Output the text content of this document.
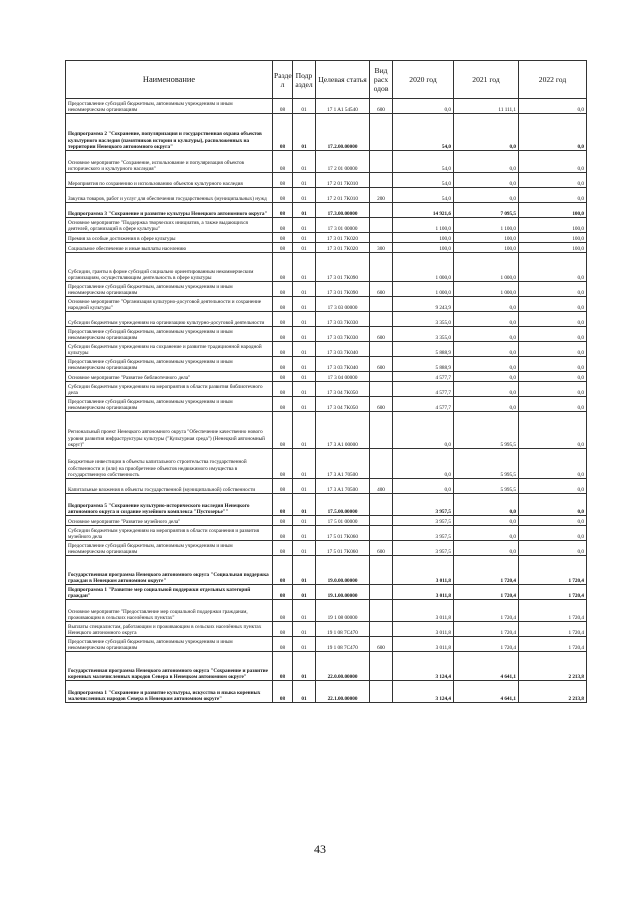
Наименование	Разде л	Подр аздел	Целевая статья	Вид расх одов	2020 год	2021 год	2022 год
Предоставление субсидий бюджетным, автономным учреждениям и иным некоммерческим организациям	08	01	17 1 A1 54540	600	0,0	11 111,1	0,0
Подпрограмма 2 "Сохранение, популяризация и государственная охрана объектов культурного наследия (памятников истории и культуры), расположенных на территории Ненецкого автономного округа"	08	01	17.2.00.00000		54,0	0,0	0,0
Основное мероприятие "Сохранение, использование и популяризация объектов исторического и культурного наследия"	08	01	17 2 01 00000		54,0	0,0	0,0
Мероприятия по сохранению и использованию объектов культурного наследия	08	01	17 2 01 7K010		54,0	0,0	0,0
Закупка товаров, работ и услуг для обеспечения государственных (муниципальных) нужд	08	01	17 2 01 7K010	200	54,0	0,0	0,0
Подпрограмма 3 "Сохранение и развитие культуры Ненецкого автономного округа"	08	01	17.3.00.00000		14 921,6	7 095,5	100,0
Основное мероприятие "Поддержка творческих инициатив, а также выдающихся деятелей, организаций в сфере культуры"	08	01	17 3 01 00000		1 100,0	1 100,0	100,0
Премия за особые достижения в сфере культуры	08	01	17 3 01 7K020		100,0	100,0	100,0
Социальное обеспечение и иные выплаты населению	08	01	17 3 01 7K020	300	100,0	100,0	100,0
Субсидии, гранты в форме субсидий социально ориентированным некоммерческим организациям, осуществляющим деятельность в сфере культуры	08	01	17 3 01 7K090		1 000,0	1 000,0	0,0
Предоставление субсидий бюджетным, автономным учреждениям и иным некоммерческим организациям	08	01	17 3 01 7K090	600	1 000,0	1 000,0	0,0
Основное мероприятие "Организация культурно-досуговой деятельности и сохранение народной культуры"	08	01	17 3 03 00000		9 243,9	0,0	0,0
Субсидии бюджетным учреждениям на организацию культурно-досуговой деятельности	08	01	17 3 03 7K030		3 355,0	0,0	0,0
Предоставление субсидий бюджетным, автономным учреждениям и иным некоммерческим организациям	08	01	17 3 03 7K030	600	3 355,0	0,0	0,0
Субсидии бюджетным учреждениям на сохранение и развитие традиционной народной культуры	08	01	17 3 03 7K040		5 888,9	0,0	0,0
Предоставление субсидий бюджетным, автономным учреждениям и иным некоммерческим организациям	08	01	17 3 03 7K040	600	5 888,9	0,0	0,0
Основное мероприятие "Развитие библиотечного дела"	08	01	17 3 04 00000		4 577,7	0,0	0,0
Субсидии бюджетным учреждениям на мероприятия в области развития библиотечного дела	08	01	17 3 04 7K050		4 577,7	0,0	0,0
Предоставление субсидий бюджетным, автономным учреждениям и иным некоммерческим организациям	08	01	17 3 04 7K050	600	4 577,7	0,0	0,0
Региональный проект Ненецкого автономного округа "Обеспечение качественно нового уровня развития инфраструктуры культуры ("Культурная среда") (Ненецкий автономный округ)"	08	01	17 3 A1 00000		0,0	5 995,5	0,0
Бюджетные инвестиции в объекты капитального строительства государственной собственности и (или) на приобретение объектов недвижимого имущества в государственную собственность	08	01	17 3 A1 70500		0,0	5 995,5	0,0
Капитальные вложения в объекты государственной (муниципальной) собственности	08	01	17 3 A1 70500	400	0,0	5 995,5	0,0
Подпрограмма 5 "Сохранение культурно-исторического наследия Ненецкого автономного округа и создание музейного комплекса "Пустозерье""	08	01	17.5.00.00000		3 957,5	0,0	0,0
Основное мероприятие "Развитие музейного дела"	08	01	17 5 01 00000		3 957,5	0,0	0,0
Субсидии бюджетным учреждениям на мероприятия в области сохранения и развития музейного дела	08	01	17 5 01 7K060		3 957,5	0,0	0,0
Предоставление субсидий бюджетным, автономным учреждениям и иным некоммерческим организациям	08	01	17 5 01 7K060	600	3 957,5	0,0	0,0
Государственная программа Ненецкого автономного округа "Социальная поддержка граждан в Ненецком автономном округе"	08	01	19.0.00.00000		3 011,8	1 720,4	1 720,4
Подпрограмма 1 "Развитие мер социальной поддержки отдельных категорий граждан"	08	01	19.1.00.00000		3 011,8	1 720,4	1 720,4
Основное мероприятие "Предоставление мер социальной поддержки гражданам, проживающим в сельских населённых пунктах"	08	01	19 1 08 00000		3 011,8	1 720,4	1 720,4
Выплаты специалистам, работающим и проживающим в сельских населённых пунктах Ненецкого автономного округа	08	01	19 1 08 7C470		3 011,8	1 720,4	1 720,4
Предоставление субсидий бюджетным, автономным учреждениям и иным некоммерческим организациям	08	01	19 1 08 7C470	600	3 011,8	1 720,4	1 720,4
Государственная программа Ненецкого автономного округа "Сохранение и развитие коренных малочисленных народов Севера в Ненецком автономном округе"	08	01	22.0.00.00000		3 124,4	4 641,1	2 213,8
Подпрограмма 1 "Сохранение и развитие культуры, искусства и языка коренных малочисленных народов Севера в Ненецком автономном округе"	08	01	22.1.00.00000		3 124,4	4 641,1	2 213,8
43
